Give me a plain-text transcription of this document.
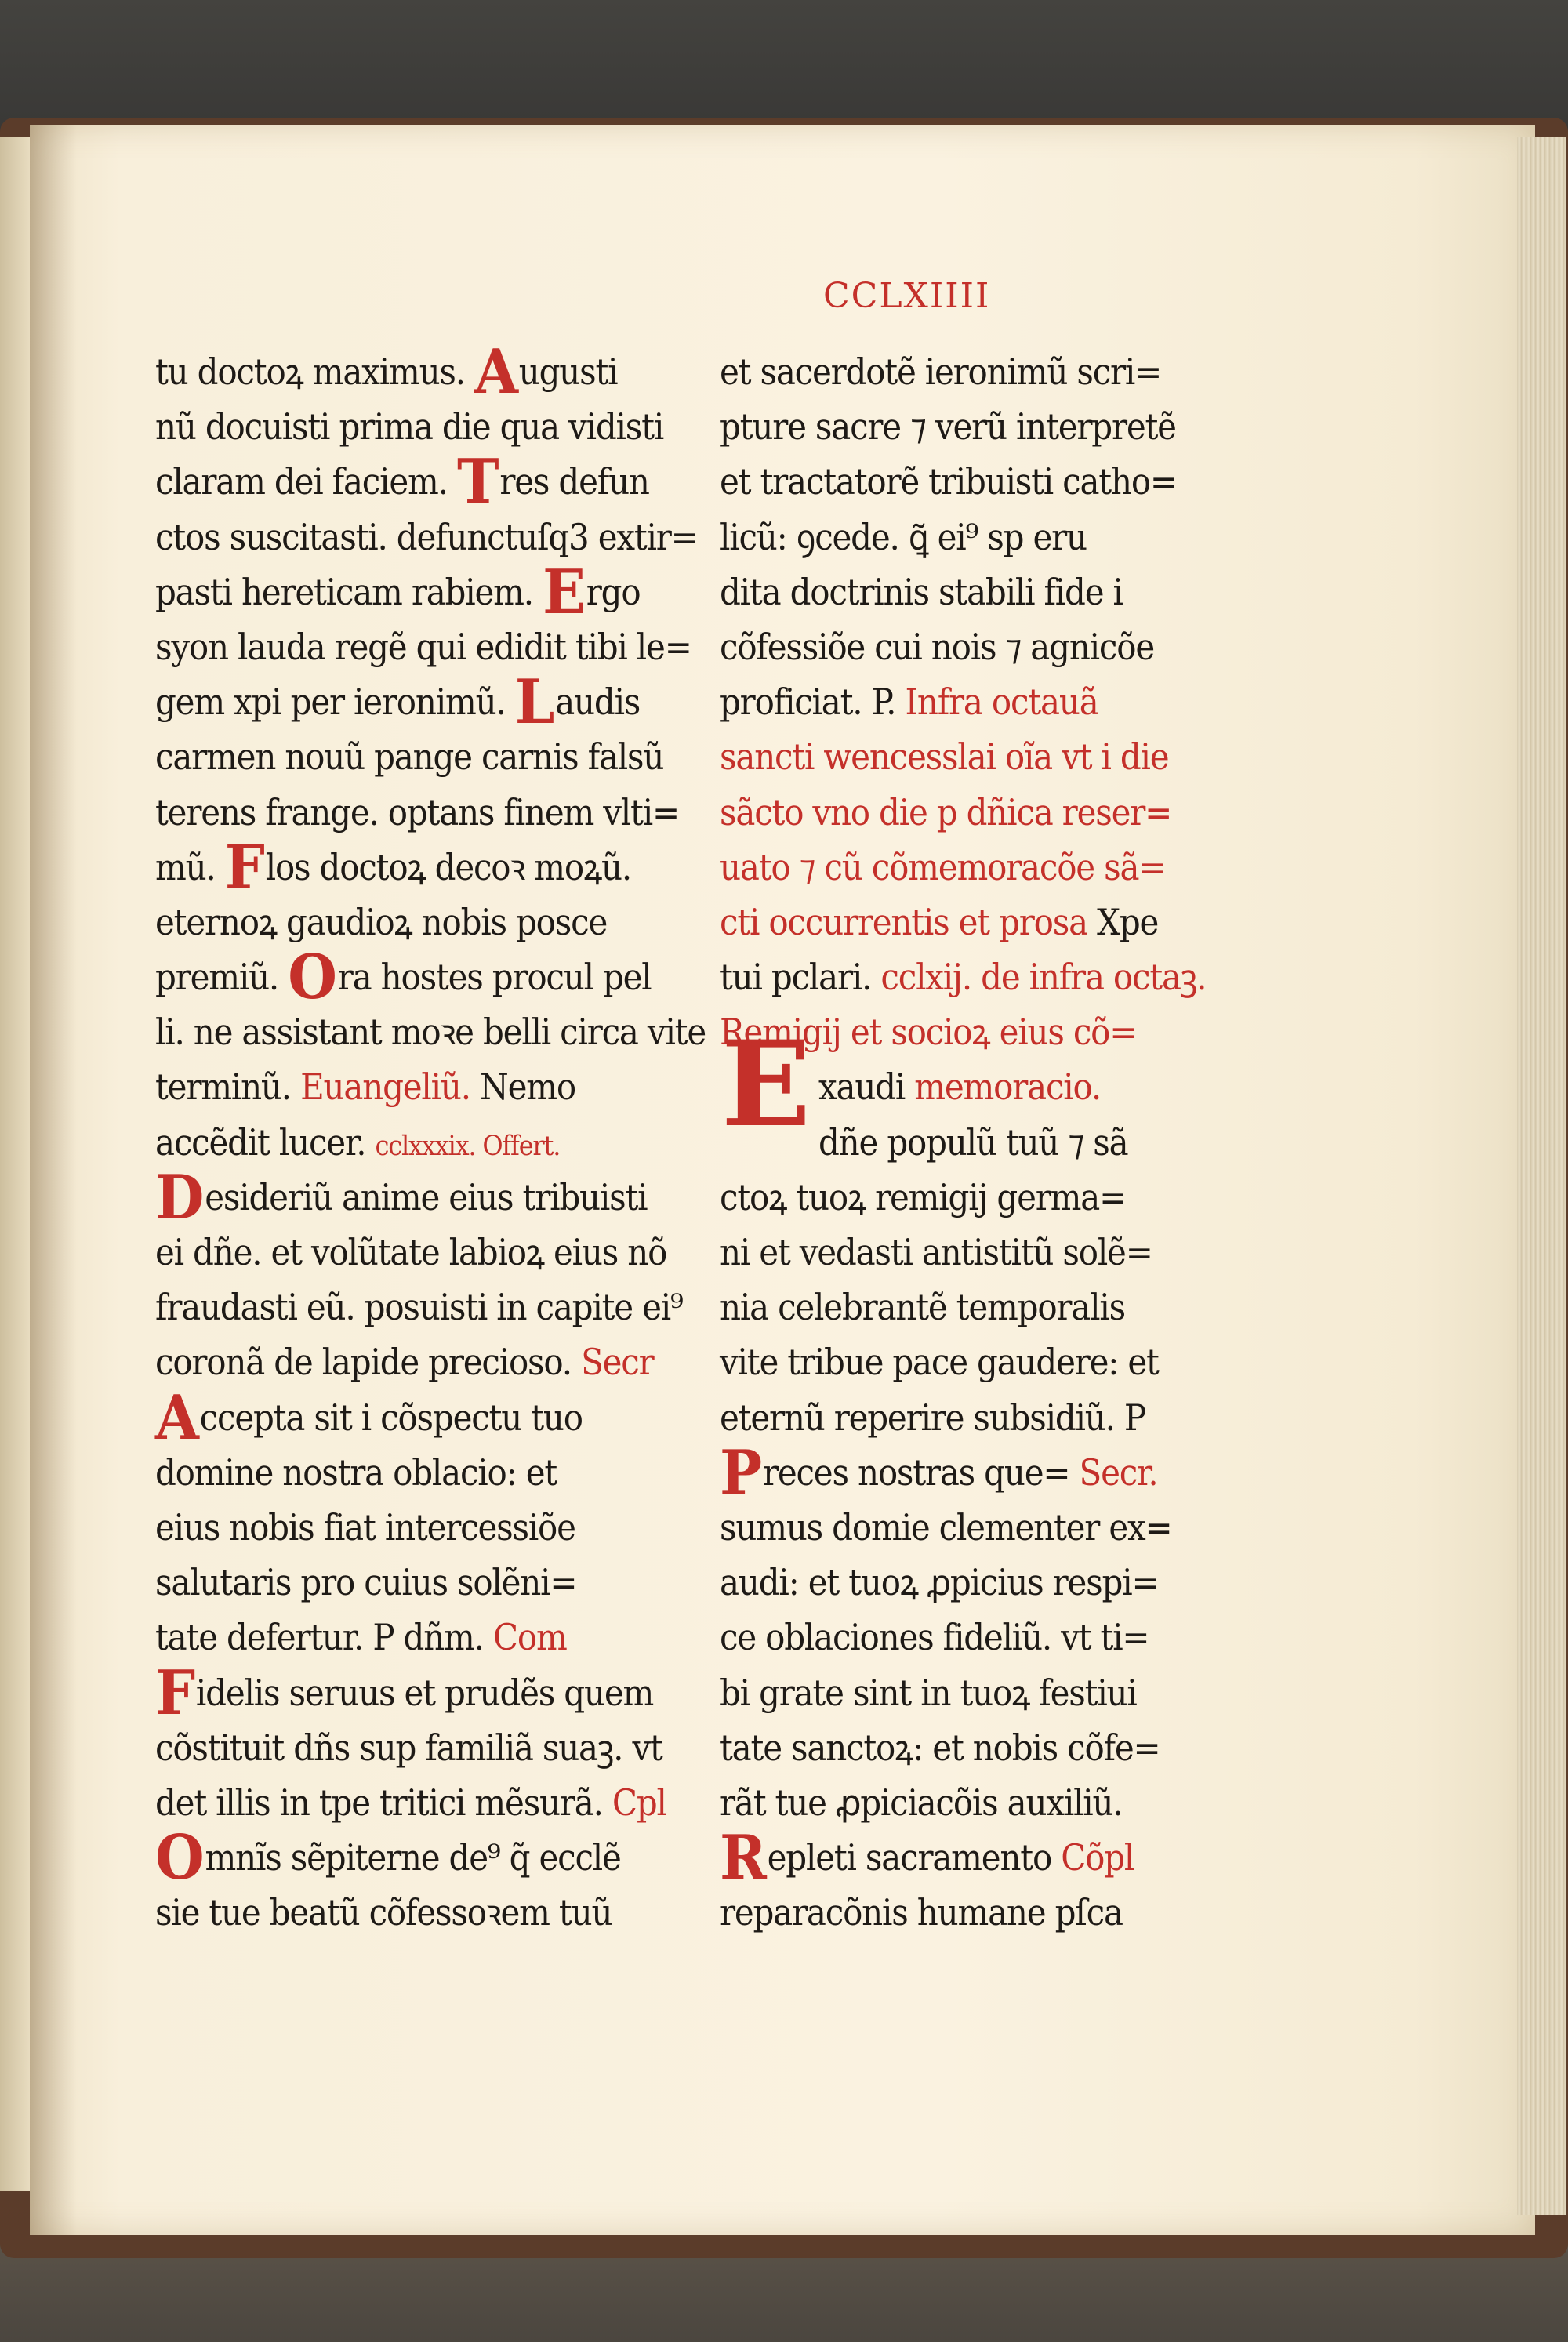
CCLXIIII
E
tu doctoꝝ maximus. Augusti
nũ docuisti prima die qua vidisti
claram dei faciem. Tres defun
ctos suscitasti. defunctuſq3 extir=
pasti hereticam rabiem. Ergo
syon lauda regẽ qui edidit tibi le=
gem xpi per ieronimũ. Laudis
carmen nouũ pange carnis falsũ
terens frange. optans finem vlti=
mũ. Flos doctoꝝ decoꝛ moꝝũ.
eternoꝝ gaudioꝝ nobis posce
premiũ. Ora hostes procul pel
li. ne assistant moꝛe belli circa vite
terminũ. Euangeliũ. Nemo
accẽdit lucer. cclxxxix. Offert.
Desideriũ anime eius tribuisti
ei dñe. et volũtate labioꝝ eius nõ
fraudasti eũ. posuisti in capite ei⁹
coronã de lapide precioso. Secr
Accepta sit i cõspectu tuo
domine nostra oblacio: et
eius nobis fiat intercessiõe
salutaris pro cuius solẽni=
tate defertur. P dñm. Com
Fidelis seruus et prudẽs quem
cõstituit dñs sup familiã suaꝫ. vt
det illis in tpe tritici mẽsurã. Cpl
Omnĩs sẽpiterne de⁹ q̃ ecclẽ
sie tue beatũ cõfessoꝛem tuũ
et sacerdotẽ ieronimũ scri=
pture sacre ⁊ verũ interpretẽ
et tractatorẽ tribuisti catho=
licũ: ꝯcede. ꝗ̃ ei⁹ sp eru
dita doctrinis stabili fide i
cõfessiõe cui nois ⁊ agnicõe
proficiat. P. Infra octauã
sancti wencesslai oĩa vt i die
sãcto vno die p dñica reser=
uato ⁊ cũ cõmemoracõe sã=
cti occurrentis et prosa Xpe
tui pclari. cclxij. de infra octaꝫ.
Remigij et socioꝝ eius cõ=
xaudi memoracio.
dñe populũ tuũ ⁊ sã
ctoꝝ tuoꝝ remigij germa=
ni et vedasti antistitũ solẽ=
nia celebrantẽ temporalis
vite tribue pace gaudere: et
eternũ reperire subsidiũ. P
Preces nostras que= Secr.
sumus domie clementer ex=
audi: et tuoꝝ ꝓpicius respi=
ce oblaciones fideliũ. vt ti=
bi grate sint in tuoꝝ festiui
tate sanctoꝝ: et nobis cõfe=
rãt tue ꝓpiciacõis auxiliũ.
Repleti sacramento Cõpl
reparacõnis humane pſca
